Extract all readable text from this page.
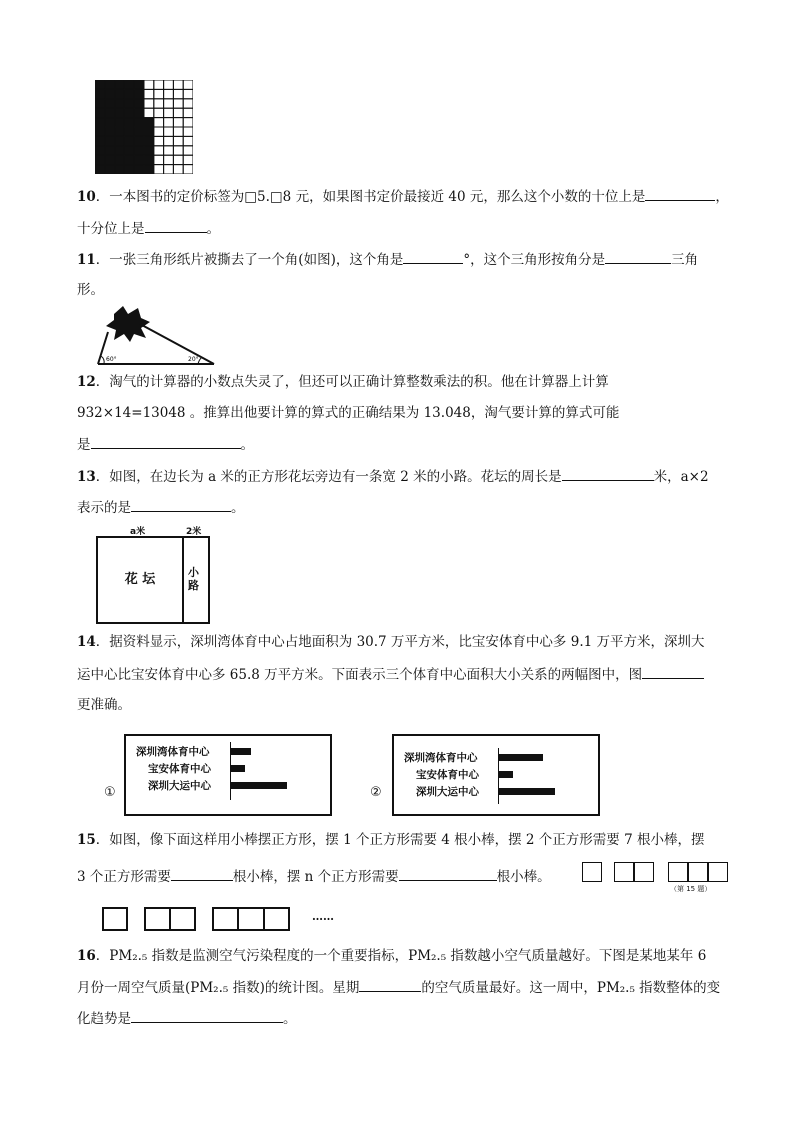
10．一本图书的定价标签为□5.□8 元，如果图书定价最接近 40 元，那么这个小数的十位上是	，
十分位上是	。
11．一张三角形纸片被撕去了一个角(如图)，这个角是	°，这个三角形按角分是	三角
形。
60°	20°
12．淘气的计算器的小数点失灵了，但还可以正确计算整数乘法的积。他在计算器上计算
932×14=13048 。推算出他要计算的算式的正确结果为 13.048，淘气要计算的算式可能
是	。
13．如图，在边长为 a 米的正方形花坛旁边有一条宽 2 米的小路。花坛的周长是	米，a×2
表示的是	。
a米	2米
花 坛	小路
14．据资料显示，深圳湾体育中心占地面积为 30.7 万平方米，比宝安体育中心多 9.1 万平方米，深圳大
运中心比宝安体育中心多 65.8 万平方米。下面表示三个体育中心面积大小关系的两幅图中，图
更准确。
①
深圳湾体育中心
宝安体育中心
深圳大运中心	②
深圳湾体育中心
宝安体育中心
深圳大运中心
15．如图，像下面这样用小棒摆正方形，摆 1 个正方形需要 4 根小棒，摆 2 个正方形需要 7 根小棒，摆
3 个正方形需要	根小棒，摆 n 个正方形需要	根小棒。
（第 15 题）
……
16．PM₂.₅ 指数是监测空气污染程度的一个重要指标，PM₂.₅ 指数越小空气质量越好。下图是某地某年 6
月份一周空气质量(PM₂.₅ 指数)的统计图。星期	的空气质量最好。这一周中，PM₂.₅ 指数整体的变
化趋势是	。
